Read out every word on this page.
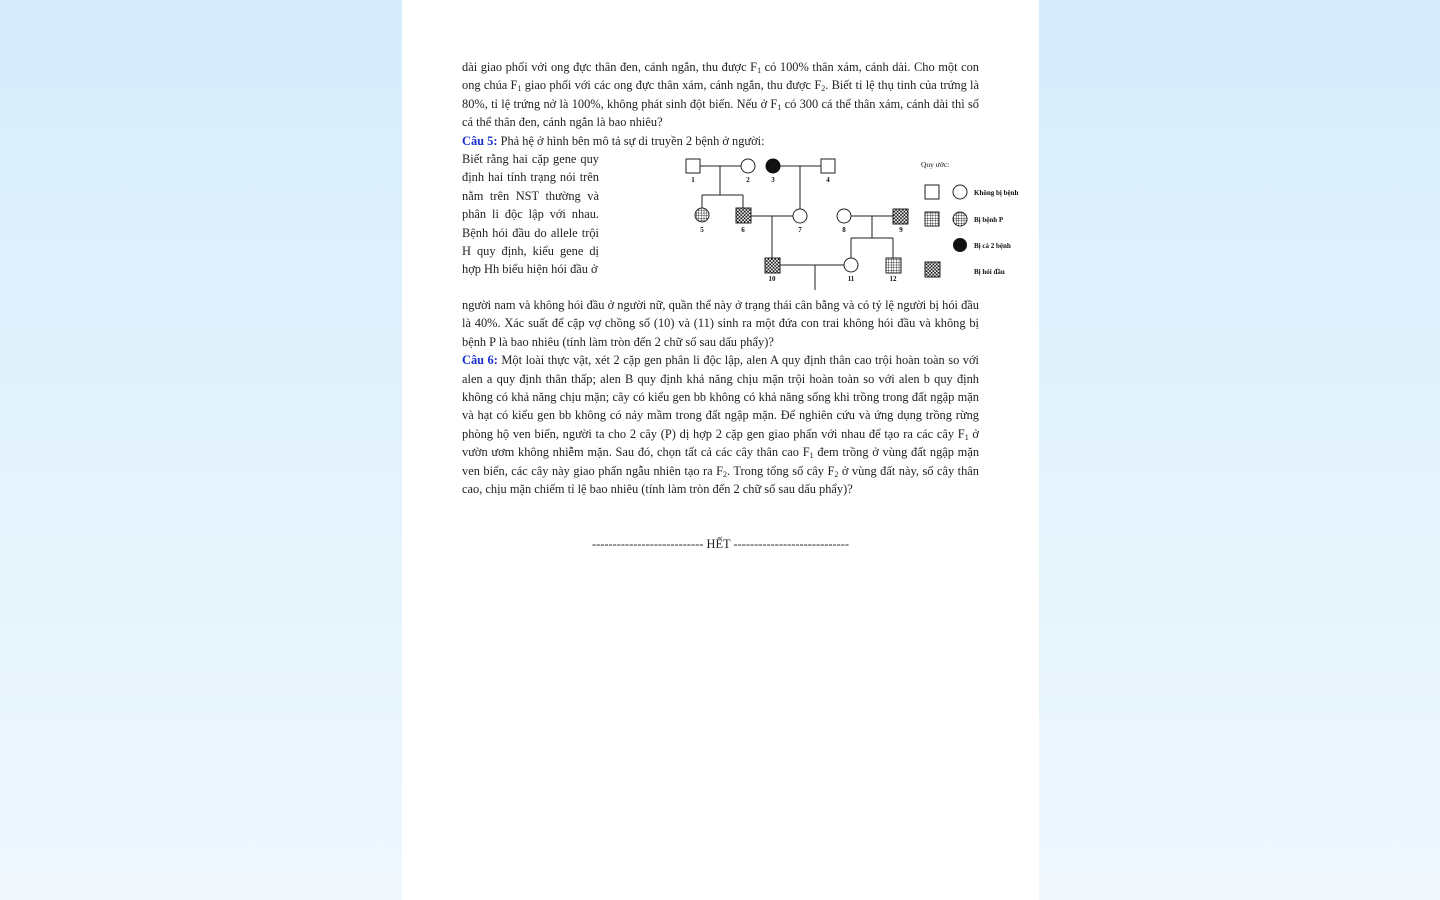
dài giao phối với ong đực thân đen, cánh ngắn, thu được $F_1$ có 100% thân xám, cánh dài. Cho một con ong chúa $F_1$ giao phối với các ong đực thân xám, cánh ngắn, thu được $F_2$. Biết tỉ lệ thụ tinh của trứng là 80%, tỉ lệ trứng nở là 100%, không phát sinh đột biến. Nếu ở $F_1$ có 300 cá thể thân xám, cánh dài thì số cá thể thân đen, cánh ngắn là bao nhiêu?

Câu 5: Phả hệ ở hình bên mô tả sự di truyền 2 bệnh ở người:

Biết rằng hai cặp gene quy định hai tính trạng nói trên nằm trên NST thường và phân li độc lập với nhau. Bệnh hói đầu do allele trội H quy định, kiểu gene dị hợp Hh biểu hiện hói đầu ở
1	2	3	4
5	6	7	8	9
10	11	12
Quy ước:
Không bị bệnh
Bị bệnh P
Bị cả 2 bệnh
Bị hói đầu

người nam và không hói đầu ở người nữ, quần thể này ở trạng thái cân bằng và có tỷ lệ người bị hói đầu là 40%. Xác suất để cặp vợ chồng số (10) và (11) sinh ra một đứa con trai không hói đầu và không bị bệnh P là bao nhiêu (tính làm tròn đến 2 chữ số sau dấu phẩy)?

Câu 6: Một loài thực vật, xét 2 cặp gen phân li độc lập, alen A quy định thân cao trội hoàn toàn so với alen a quy định thân thấp; alen B quy định khả năng chịu mặn trội hoàn toàn so với alen b quy định không có khả năng chịu mặn; cây có kiểu gen bb không có khả năng sống khi trồng trong đất ngập mặn và hạt có kiểu gen bb không có nảy mầm trong đất ngập mặn. Để nghiên cứu và ứng dụng trồng rừng phòng hộ ven biển, người ta cho 2 cây (P) dị hợp 2 cặp gen giao phấn với nhau để tạo ra các cây $F_1$ ở vườn ươm không nhiễm mặn. Sau đó, chọn tất cả các cây thân cao $F_1$ đem trồng ở vùng đất ngập mặn ven biển, các cây này giao phấn ngẫu nhiên tạo ra $F_2$. Trong tổng số cây $F_2$ ở vùng đất này, số cây thân cao, chịu mặn chiếm tỉ lệ bao nhiêu (tính làm tròn đến 2 chữ số sau dấu phẩy)?

--------------------------- HẾT ----------------------------
